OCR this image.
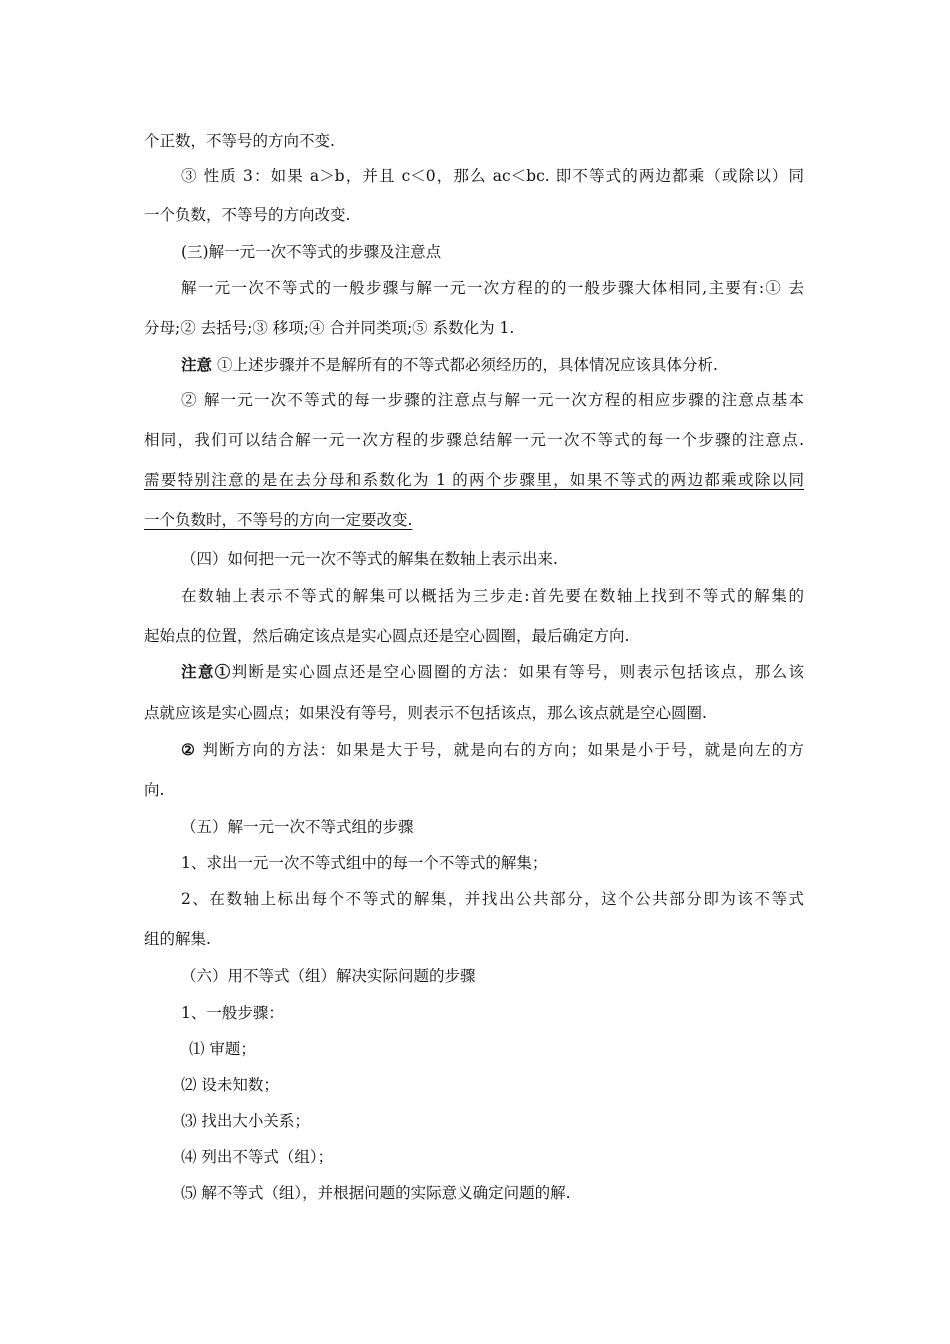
个正数，不等号的方向不变.
③ 性质 3：如果 a＞b，并且 c＜0，那么 ac＜bc. 即不等式的两边都乘（或除以）同
一个负数，不等号的方向改变.
(三)解一元一次不等式的步骤及注意点
解一元一次不等式的一般步骤与解一元一次方程的的一般步骤大体相同,主要有:① 去
分母;② 去括号;③ 移项;④ 合并同类项;⑤ 系数化为 1.
注意 ①上述步骤并不是解所有的不等式都必须经历的，具体情况应该具体分析.
② 解一元一次不等式的每一步骤的注意点与解一元一次方程的相应步骤的注意点基本
相同，我们可以结合解一元一次方程的步骤总结解一元一次不等式的每一个步骤的注意点.
需要特别注意的是在去分母和系数化为 1 的两个步骤里，如果不等式的两边都乘或除以同
一个负数时，不等号的方向一定要改变.
（四）如何把一元一次不等式的解集在数轴上表示出来.
在数轴上表示不等式的解集可以概括为三步走:首先要在数轴上找到不等式的解集的
起始点的位置，然后确定该点是实心圆点还是空心圆圈，最后确定方向.
注意①判断是实心圆点还是空心圆圈的方法：如果有等号，则表示包括该点，那么该
点就应该是实心圆点；如果没有等号，则表示不包括该点，那么该点就是空心圆圈.
② 判断方向的方法：如果是大于号，就是向右的方向；如果是小于号，就是向左的方
向.
（五）解一元一次不等式组的步骤
1、求出一元一次不等式组中的每一个不等式的解集；
2、在数轴上标出每个不等式的解集，并找出公共部分，这个公共部分即为该不等式
组的解集.
（六）用不等式（组）解决实际问题的步骤
1、一般步骤：
⑴ 审题；
⑵ 设未知数；
⑶ 找出大小关系；
⑷ 列出不等式（组）；
⑸ 解不等式（组），并根据问题的实际意义确定问题的解.
